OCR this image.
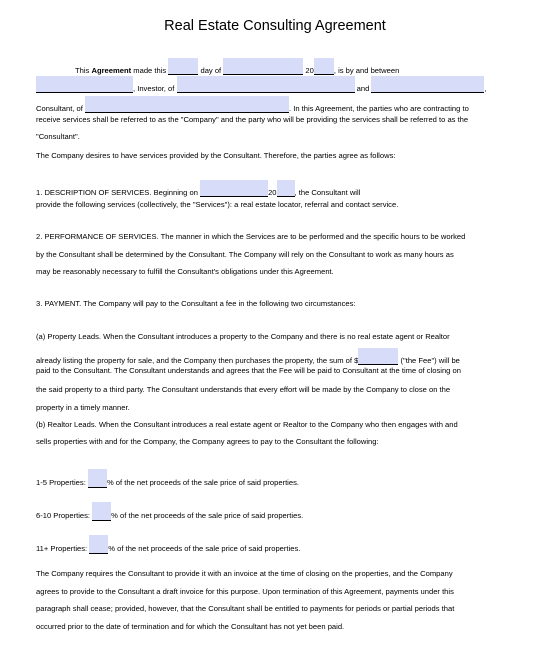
Real Estate Consulting Agreement
This Agreement made this	day of	20	, is by and between
, Investor, of	and	,
Consultant, of	. In this Agreement, the parties who are contracting to
receive services shall be referred to as the "Company" and the party who will be providing the services shall be referred to as the
"Consultant".
The Company desires to have services provided by the Consultant. Therefore, the parties agree as follows:
1. DESCRIPTION OF SERVICES. Beginning on	20 , the Consultant will
provide the following services (collectively, the "Services"): a real estate locator, referral and contact service.
2. PERFORMANCE OF SERVICES. The manner in which the Services are to be performed and the specific hours to be worked
by the Consultant shall be determined by the Consultant. The Company will rely on the Consultant to work as many hours as
may be reasonably necessary to fulfill the Consultant's obligations under this Agreement.
3. PAYMENT. The Company will pay to the Consultant a fee in the following two circumstances:
(a) Property Leads. When the Consultant introduces a property to the Company and there is no real estate agent or Realtor
already listing the property for sale, and the Company then purchases the property, the sum of $	("the Fee") will be
paid to the Consultant. The Consultant understands and agrees that the Fee will be paid to Consultant at the time of closing on
the said property to a third party. The Consultant understands that every effort will be made by the Company to close on the
property in a timely manner.
(b) Realtor Leads. When the Consultant introduces a real estate agent or Realtor to the Company who then engages with and
sells properties with and for the Company, the Company agrees to pay to the Consultant the following:
1-5 Properties:	% of the net proceeds of the sale price of said properties.
6-10 Properties:	% of the net proceeds of the sale price of said properties.
11+ Properties:	% of the net proceeds of the sale price of said properties.
The Company requires the Consultant to provide it with an invoice at the time of closing on the properties, and the Company
agrees to provide to the Consultant a draft invoice for this purpose. Upon termination of this Agreement, payments under this
paragraph shall cease; provided, however, that the Consultant shall be entitled to payments for periods or partial periods that
occurred prior to the date of termination and for which the Consultant has not yet been paid.
